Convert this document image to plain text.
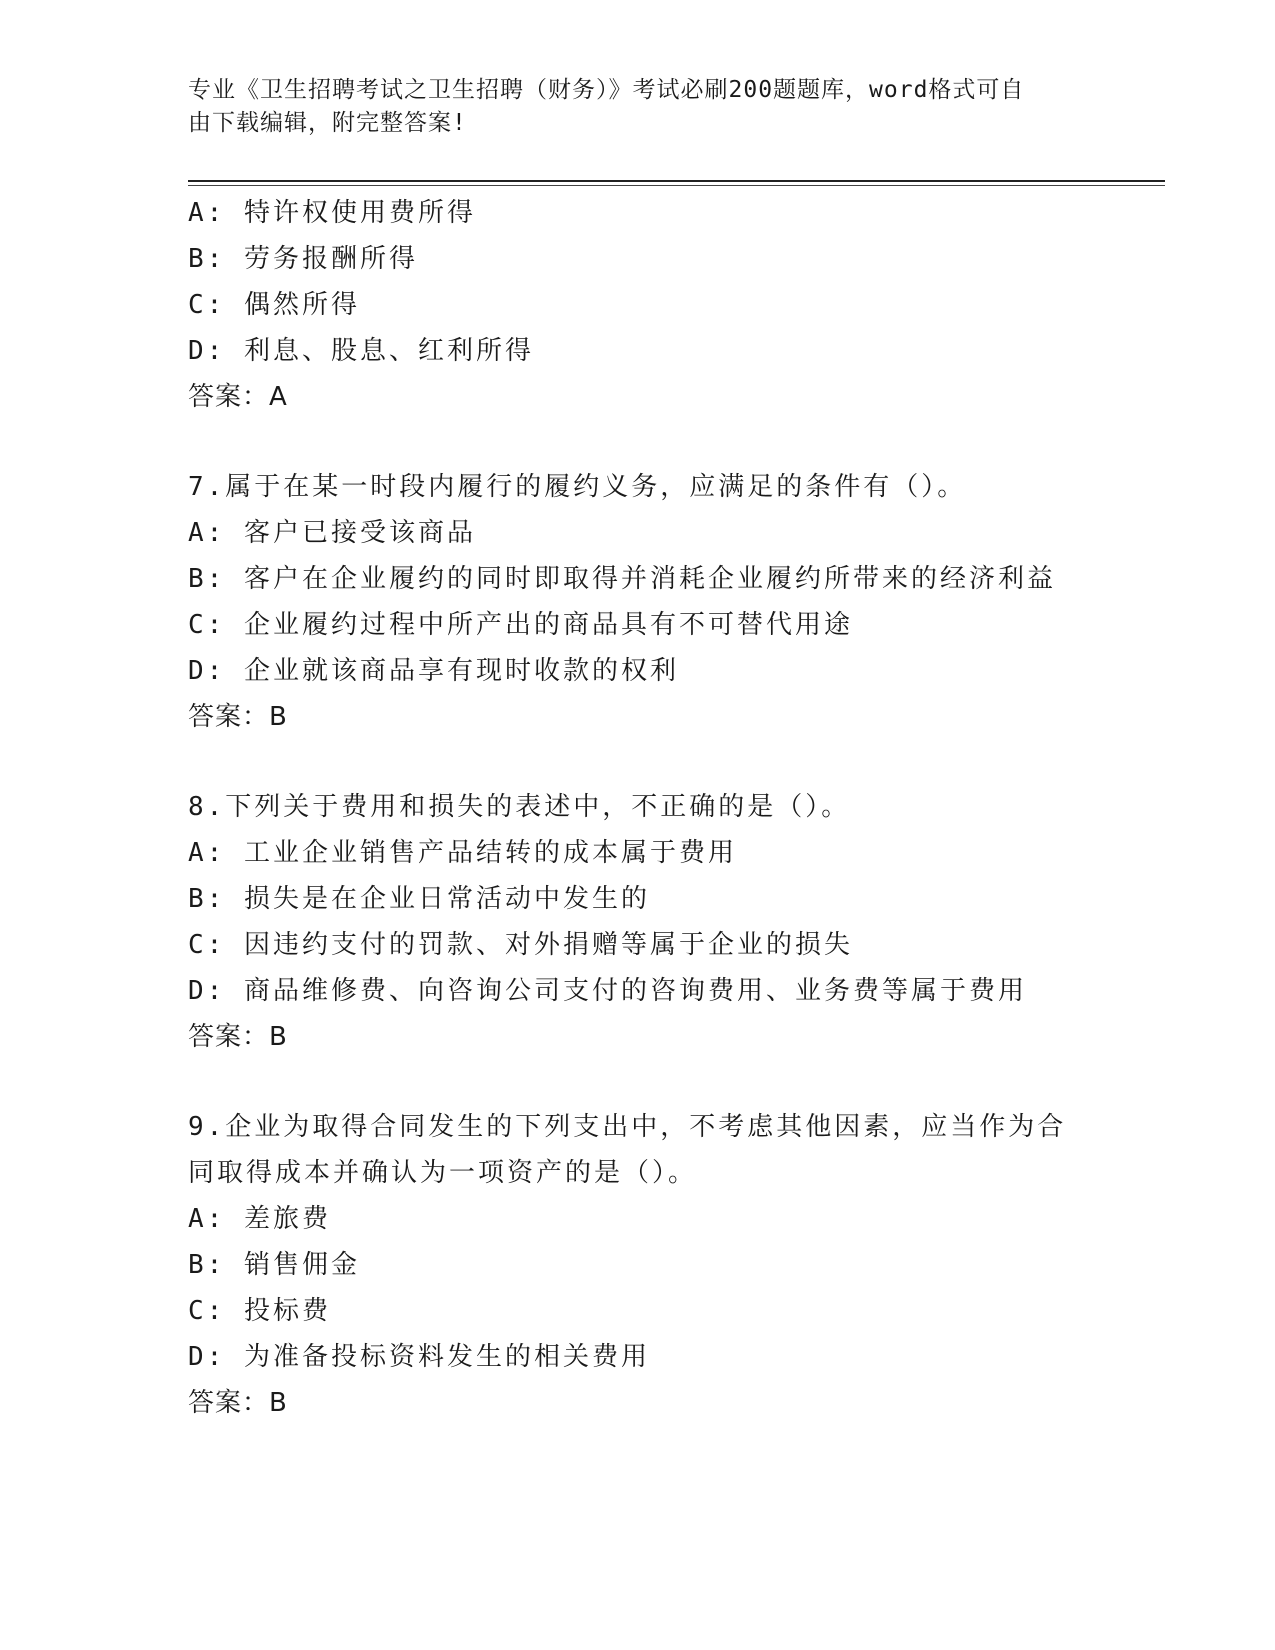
专业《卫生招聘考试之卫生招聘（财务）》考试必刷200题题库，word格式可自
由下载编辑，附完整答案!
A: 特许权使用费所得
B: 劳务报酬所得
C: 偶然所得
D: 利息、股息、红利所得
答案：A
7.属于在某一时段内履行的履约义务，应满足的条件有（）。
A: 客户已接受该商品
B: 客户在企业履约的同时即取得并消耗企业履约所带来的经济利益
C: 企业履约过程中所产出的商品具有不可替代用途
D: 企业就该商品享有现时收款的权利
答案：B
8.下列关于费用和损失的表述中，不正确的是（）。
A: 工业企业销售产品结转的成本属于费用
B: 损失是在企业日常活动中发生的
C: 因违约支付的罚款、对外捐赠等属于企业的损失
D: 商品维修费、向咨询公司支付的咨询费用、业务费等属于费用
答案：B
9.企业为取得合同发生的下列支出中，不考虑其他因素，应当作为合
同取得成本并确认为一项资产的是（）。
A: 差旅费
B: 销售佣金
C: 投标费
D: 为准备投标资料发生的相关费用
答案：B
